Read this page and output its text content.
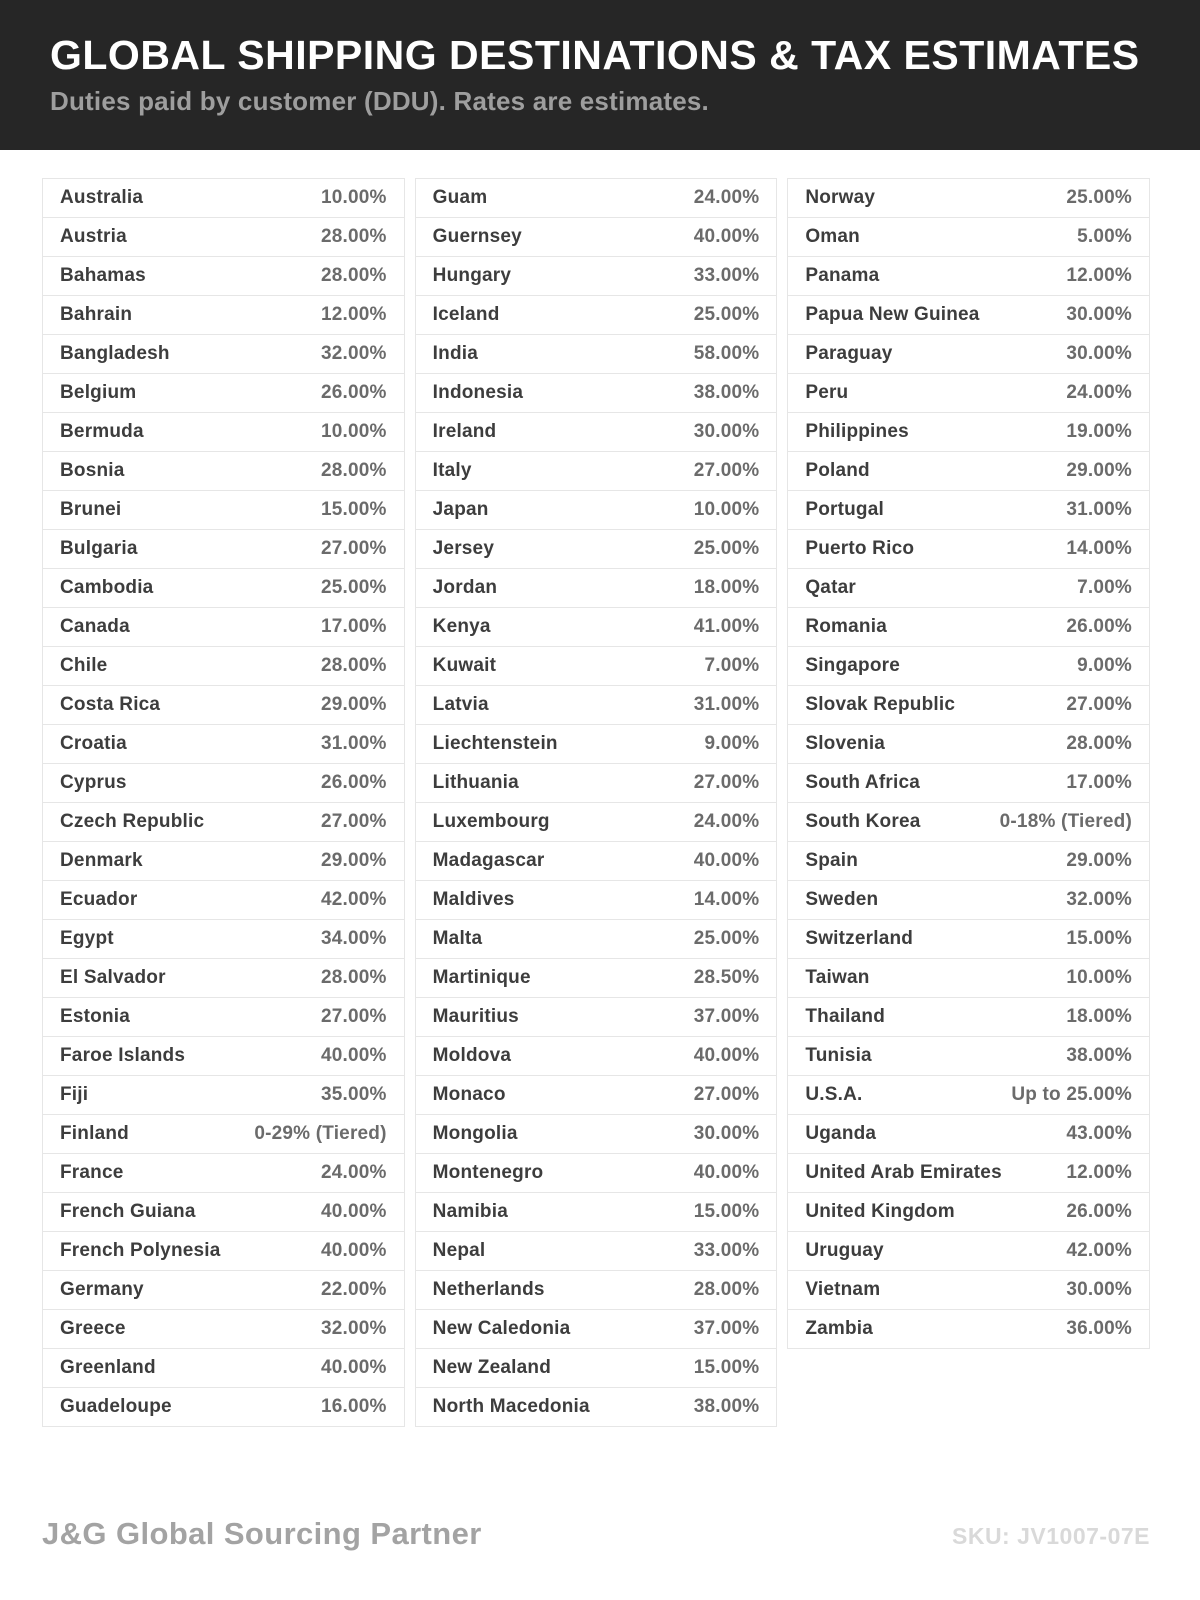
GLOBAL SHIPPING DESTINATIONS & TAX ESTIMATES
Duties paid by customer (DDU). Rates are estimates.
Australia	10.00%
Austria	28.00%
Bahamas	28.00%
Bahrain	12.00%
Bangladesh	32.00%
Belgium	26.00%
Bermuda	10.00%
Bosnia	28.00%
Brunei	15.00%
Bulgaria	27.00%
Cambodia	25.00%
Canada	17.00%
Chile	28.00%
Costa Rica	29.00%
Croatia	31.00%
Cyprus	26.00%
Czech Republic	27.00%
Denmark	29.00%
Ecuador	42.00%
Egypt	34.00%
El Salvador	28.00%
Estonia	27.00%
Faroe Islands	40.00%
Fiji	35.00%
Finland	0-29% (Tiered)
France	24.00%
French Guiana	40.00%
French Polynesia	40.00%
Germany	22.00%
Greece	32.00%
Greenland	40.00%
Guadeloupe	16.00%
Guam	24.00%
Guernsey	40.00%
Hungary	33.00%
Iceland	25.00%
India	58.00%
Indonesia	38.00%
Ireland	30.00%
Italy	27.00%
Japan	10.00%
Jersey	25.00%
Jordan	18.00%
Kenya	41.00%
Kuwait	7.00%
Latvia	31.00%
Liechtenstein	9.00%
Lithuania	27.00%
Luxembourg	24.00%
Madagascar	40.00%
Maldives	14.00%
Malta	25.00%
Martinique	28.50%
Mauritius	37.00%
Moldova	40.00%
Monaco	27.00%
Mongolia	30.00%
Montenegro	40.00%
Namibia	15.00%
Nepal	33.00%
Netherlands	28.00%
New Caledonia	37.00%
New Zealand	15.00%
North Macedonia	38.00%
Norway	25.00%
Oman	5.00%
Panama	12.00%
Papua New Guinea	30.00%
Paraguay	30.00%
Peru	24.00%
Philippines	19.00%
Poland	29.00%
Portugal	31.00%
Puerto Rico	14.00%
Qatar	7.00%
Romania	26.00%
Singapore	9.00%
Slovak Republic	27.00%
Slovenia	28.00%
South Africa	17.00%
South Korea	0-18% (Tiered)
Spain	29.00%
Sweden	32.00%
Switzerland	15.00%
Taiwan	10.00%
Thailand	18.00%
Tunisia	38.00%
U.S.A.	Up to 25.00%
Uganda	43.00%
United Arab Emirates	12.00%
United Kingdom	26.00%
Uruguay	42.00%
Vietnam	30.00%
Zambia	36.00%
J&G Global Sourcing Partner	SKU: JV1007-07E
